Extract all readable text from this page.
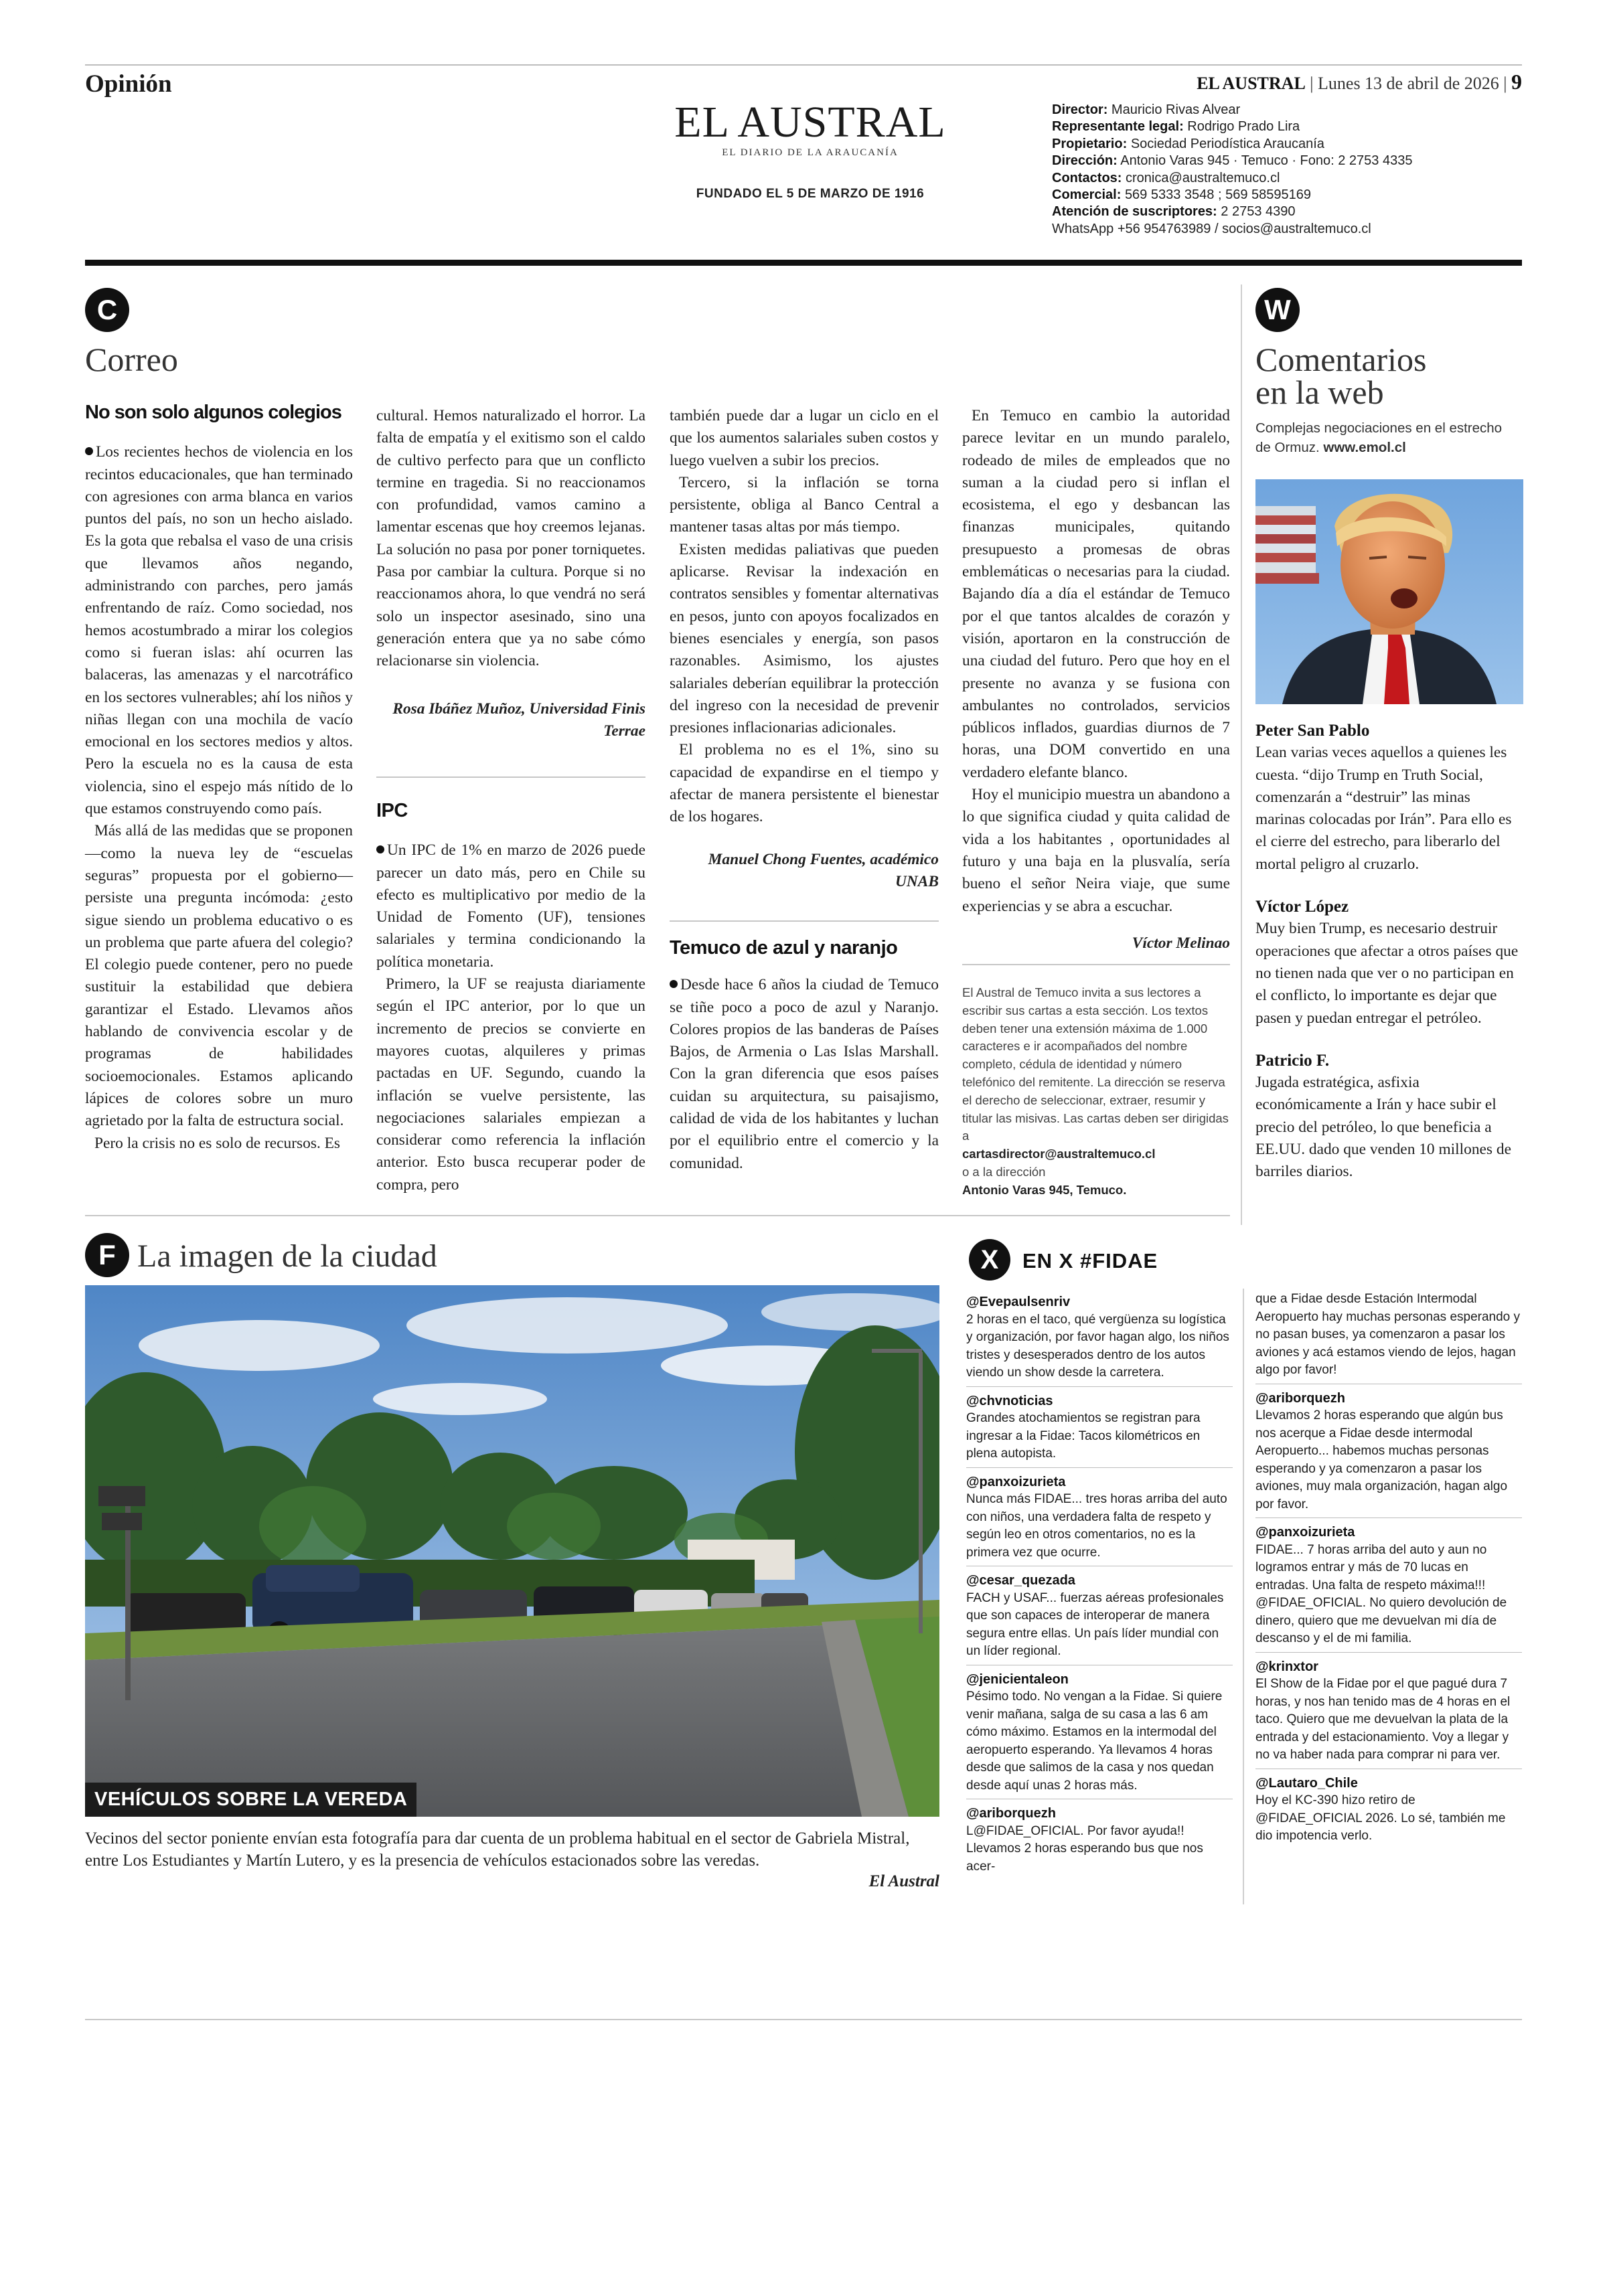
Opinión	EL AUSTRAL | Lunes 13 de abril de 2026 | 9
EL AUSTRAL
EL DIARIO DE LA ARAUCANÍA
FUNDADO EL 5 DE MARZO DE 1916
Director: Mauricio Rivas Alvear
Representante legal: Rodrigo Prado Lira
Propietario: Sociedad Periodística Araucanía
Dirección: Antonio Varas 945 · Temuco · Fono: 2 2753 4335
Contactos: cronica@australtemuco.cl
Comercial: 569 5333 3548 ; 569 58595169
Atención de suscriptores: 2 2753 4390
WhatsApp +56 954763989 / socios@australtemuco.cl
C
Correo
No son solo algunos colegios

Los recientes hechos de violencia en los recintos educacionales, que han terminado con agresiones con arma blanca en varios puntos del país, no son un hecho aislado. Es la gota que rebalsa el vaso de una crisis que llevamos años negando, administrando con parches, pero jamás enfrentando de raíz. Como sociedad, nos hemos acostumbrado a mirar los colegios como si fueran islas: ahí ocurren las balaceras, las amenazas y el narcotráfico en los sectores vulnerables; ahí los niños y niñas llegan con una mochila de vacío emocional en los sectores medios y altos. Pero la escuela no es la causa de esta violencia, sino el espejo más nítido de lo que estamos construyendo como país.

Más allá de las medidas que se proponen —como la nueva ley de “escuelas seguras” propuesta por el gobierno— persiste una pregunta incómoda: ¿esto sigue siendo un problema educativo o es un problema que parte afuera del colegio? El colegio puede contener, pero no puede sustituir la estabilidad que debiera garantizar el Estado. Llevamos años hablando de convivencia escolar y de programas de habilidades socioemocionales. Estamos aplicando lápices de colores sobre un muro agrietado por la falta de estructura social.

Pero la crisis no es solo de recursos. Es

cultural. Hemos naturalizado el horror. La falta de empatía y el exitismo son el caldo de cultivo perfecto para que un conflicto termine en tragedia. Si no reaccionamos con profundidad, vamos camino a lamentar escenas que hoy creemos lejanas. La solución no pasa por poner torniquetes. Pasa por cambiar la cultura. Porque si no reaccionamos ahora, lo que vendrá no será solo un inspector asesinado, sino una generación entera que ya no sabe cómo relacionarse sin violencia.

Rosa Ibáñez Muñoz, Universidad Finis Terrae
IPC

Un IPC de 1% en marzo de 2026 puede parecer un dato más, pero en Chile su efecto es multiplicativo por medio de la Unidad de Fomento (UF), tensiones salariales y termina condicionando la política monetaria.

Primero, la UF se reajusta diariamente según el IPC anterior, por lo que un incremento de precios se convierte en mayores cuotas, alquileres y primas pactadas en UF. Segundo, cuando la inflación se vuelve persistente, las negociaciones salariales empiezan a considerar como referencia la inflación anterior. Esto busca recuperar poder de compra, pero

también puede dar a lugar un ciclo en el que los aumentos salariales suben costos y luego vuelven a subir los precios.

Tercero, si la inflación se torna persistente, obliga al Banco Central a mantener tasas altas por más tiempo.

Existen medidas paliativas que pueden aplicarse. Revisar la indexación en contratos sensibles y fomentar alternativas en pesos, junto con apoyos focalizados en bienes esenciales y energía, son pasos razonables. Asimismo, los ajustes salariales deberían equilibrar la protección del ingreso con la necesidad de prevenir presiones inflacionarias adicionales.

El problema no es el 1%, sino su capacidad de expandirse en el tiempo y afectar de manera persistente el bienestar de los hogares.

Manuel Chong Fuentes, académico UNAB
Temuco de azul y naranjo

Desde hace 6 años la ciudad de Temuco se tiñe poco a poco de azul y Naranjo. Colores propios de las banderas de Países Bajos, de Armenia o Las Islas Marshall. Con la gran diferencia que esos países cuidan su arquitectura, su paisajismo, calidad de vida de los habitantes y luchan por el equilibrio entre el comercio y la comunidad.

En Temuco en cambio la autoridad parece levitar en un mundo paralelo, rodeado de miles de empleados que no suman a la ciudad pero si inflan el ecosistema, el ego y desbancan las finanzas municipales, quitando presupuesto a promesas de obras emblemáticas o necesarias para la ciudad. Bajando día a día el estándar de Temuco por el que tantos alcaldes de corazón y visión, aportaron en la construcción de una ciudad del futuro. Pero que hoy en el presente no avanza y se fusiona con ambulantes no controlados, servicios públicos inflados, guardias diurnos de 7 horas, una DOM convertido en una verdadero elefante blanco.

Hoy el municipio muestra un abandono a lo que significa ciudad y quita calidad de vida a los habitantes , oportunidades al futuro y una baja en la plusvalía, sería bueno el señor Neira viaje, que sume experiencias y se abra a escuchar.

Víctor Melinao
El Austral de Temuco invita a sus lectores a escribir sus cartas a esta sección. Los textos deben tener una extensión máxima de 1.000 caracteres e ir acompañados del nombre completo, cédula de identidad y número telefónico del remitente. La dirección se reserva el derecho de seleccionar, extraer, resumir y titular las misivas. Las cartas deben ser dirigidas a
cartasdirector@australtemuco.cl
o a la dirección
Antonio Varas 945, Temuco.
W
Comentarios
en la web
Complejas negociaciones en el estrecho de Ormuz. www.emol.cl
Peter San Pablo
Lean varias veces aquellos a quienes les cuesta. “dijo Trump en Truth Social, comenzarán a “destruir” las minas marinas colocadas por Irán”. Para ello es el cierre del estrecho, para liberarlo del mortal peligro al cruzarlo.
Víctor López
Muy bien Trump, es necesario destruir operaciones que afectar a otros países que no tienen nada que ver o no participan en el conflicto, lo importante es dejar que pasen y puedan entregar el petróleo.
Patricio F.
Jugada estratégica, asfixia económicamente a Irán y hace subir el precio del petróleo, lo que beneficia a EE.UU. dado que venden 10 millones de barriles diarios.
F La imagen de la ciudad
VEHÍCULOS SOBRE LA VEREDA
Vecinos del sector poniente envían esta fotografía para dar cuenta de un problema habitual en el sector de Gabriela Mistral, entre Los Estudiantes y Martín Lutero, y es la presencia de vehículos estacionados sobre las veredas.
El Austral
X	EN X #FIDAE
@Evepaulsenriv
2 horas en el taco, qué vergüenza su logística y organización, por favor hagan algo, los niños tristes y desesperados dentro de los autos viendo un show desde la carretera.
@chvnoticias
Grandes atochamientos se registran para ingresar a la Fidae: Tacos kilométricos en plena autopista.
@panxoizurieta
Nunca más FIDAE... tres horas arriba del auto con niños, una verdadera falta de respeto y según leo en otros comentarios, no es la primera vez que ocurre.
@cesar_quezada
FACH y USAF... fuerzas aéreas profesionales que son capaces de interoperar de manera segura entre ellas. Un país líder mundial con un líder regional.
@jenicientaleon
Pésimo todo. No vengan a la Fidae. Si quiere venir mañana, salga de su casa a las 6 am cómo máximo. Estamos en la intermodal del aeropuerto esperando. Ya llevamos 4 horas desde que salimos de la casa y nos quedan desde aquí unas 2 horas más.
@ariborquezh
L@FIDAE_OFICIAL. Por favor ayuda!! Llevamos 2 horas esperando bus que nos acer-
que a Fidae desde Estación Intermodal Aeropuerto hay muchas personas esperando y no pasan buses, ya comenzaron a pasar los aviones y acá estamos viendo de lejos, hagan algo por favor!
@ariborquezh
Llevamos 2 horas esperando que algún bus nos acerque a Fidae desde intermodal Aeropuerto... habemos muchas personas esperando y ya comenzaron a pasar los aviones, muy mala organización, hagan algo por favor.
@panxoizurieta
FIDAE... 7 horas arriba del auto y aun no logramos entrar y más de 70 lucas en entradas. Una falta de respeto máxima!!! @FIDAE_OFICIAL. No quiero devolución de dinero, quiero que me devuelvan mi día de descanso y el de mi familia.
@krinxtor
El Show de la Fidae por el que pagué dura 7 horas, y nos han tenido mas de 4 horas en el taco. Quiero que me devuelvan la plata de la entrada y del estacionamiento. Voy a llegar y no va haber nada para comprar ni para ver.
@Lautaro_Chile
Hoy el KC-390 hizo retiro de @FIDAE_OFICIAL 2026. Lo sé, también me dio impotencia verlo.
